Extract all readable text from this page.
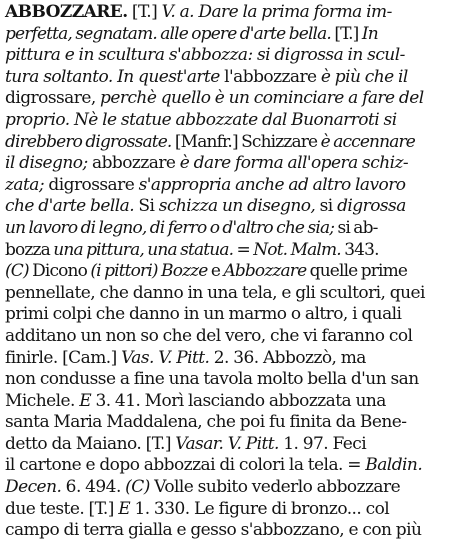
ABBOZZARE. [T.] V. a. Dare la prima forma im-
perfetta, segnatam. alle opere d'arte bella. [T.] In
pittura e in scultura s'abbozza: si digrossa in scul-
tura soltanto. In quest'arte l'abbozzare è più che il
digrossare, perchè quello è un cominciare a fare del
proprio. Nè le statue abbozzate dal Buonarroti si
direbbero digrossate. [Manfr.] Schizzare è accennare
il disegno; abbozzare è dare forma all'opera schiz-
zata; digrossare s'appropria anche ad altro lavoro
che d'arte bella. Si schizza un disegno, si digrossa
un lavoro di legno, di ferro o d'altro che sia; si ab-
bozza una pittura, una statua. = Not. Malm. 343.
(C) Dicono (i pittori) Bozze e Abbozzare quelle prime
pennellate, che danno in una tela, e gli scultori, quei
primi colpi che danno in un marmo o altro, i quali
additano un non so che del vero, che vi faranno col
finirle. [Cam.] Vas. V. Pitt. 2. 36. Abbozzò, ma
non condusse a fine una tavola molto bella d'un san
Michele. E 3. 41. Morì lasciando abbozzata una
santa Maria Maddalena, che poi fu finita da Bene-
detto da Maiano. [T.] Vasar. V. Pitt. 1. 97. Feci
il cartone e dopo abbozzai di colori la tela. = Baldin.
Decen. 6. 494. (C) Volle subito vederlo abbozzare
due teste. [T.] E 1. 330. Le figure di bronzo... col
campo di terra gialla e gesso s'abbozzano, e con più
